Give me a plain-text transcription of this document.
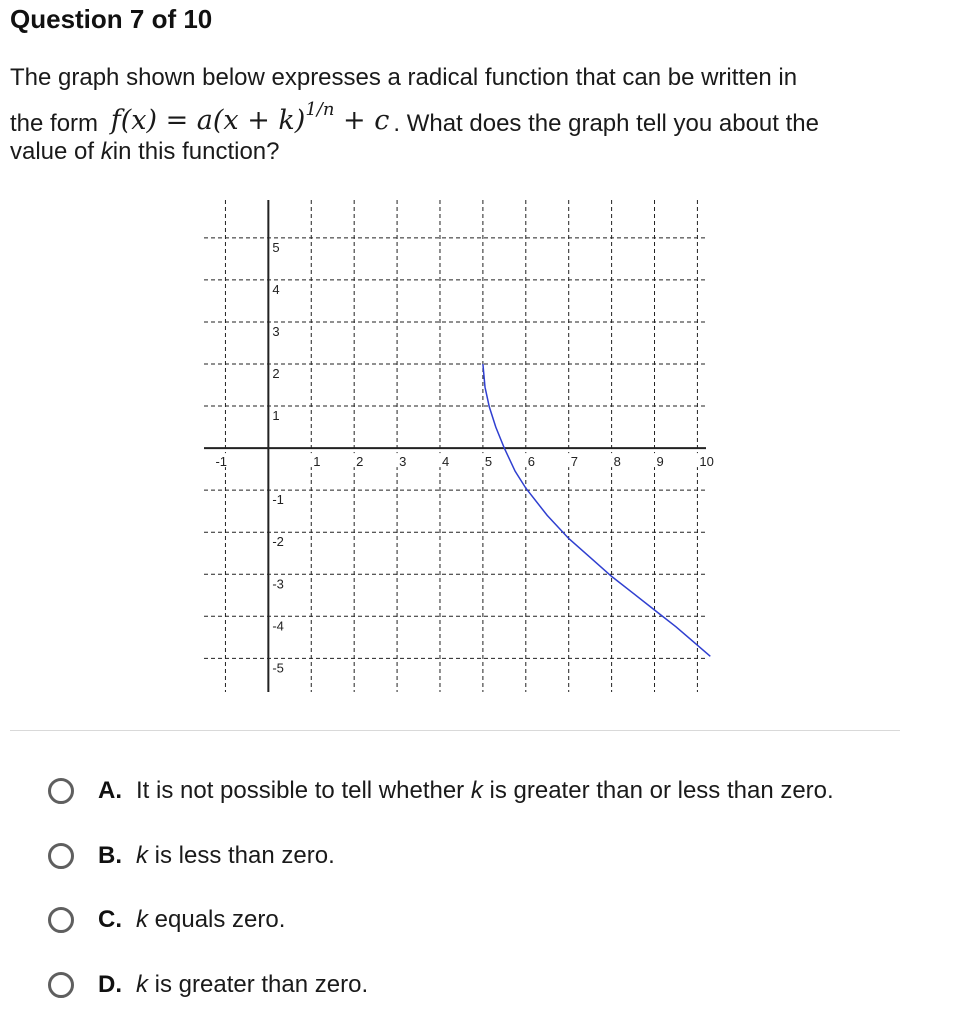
Question 7 of 10
The graph shown below expresses a radical function that can be written in
the form $f(x) = a(x + k)^{1/n} + c$ . What does the graph tell you about the
value of kin this function?
-1	1	2	3	4	5	6	7	8	9	10
5
4
3
2
1
-1
-2
-3
-4
-5
A. It is not possible to tell whether k is greater than or less than zero.
B. k is less than zero.
C. k equals zero.
D. k is greater than zero.
